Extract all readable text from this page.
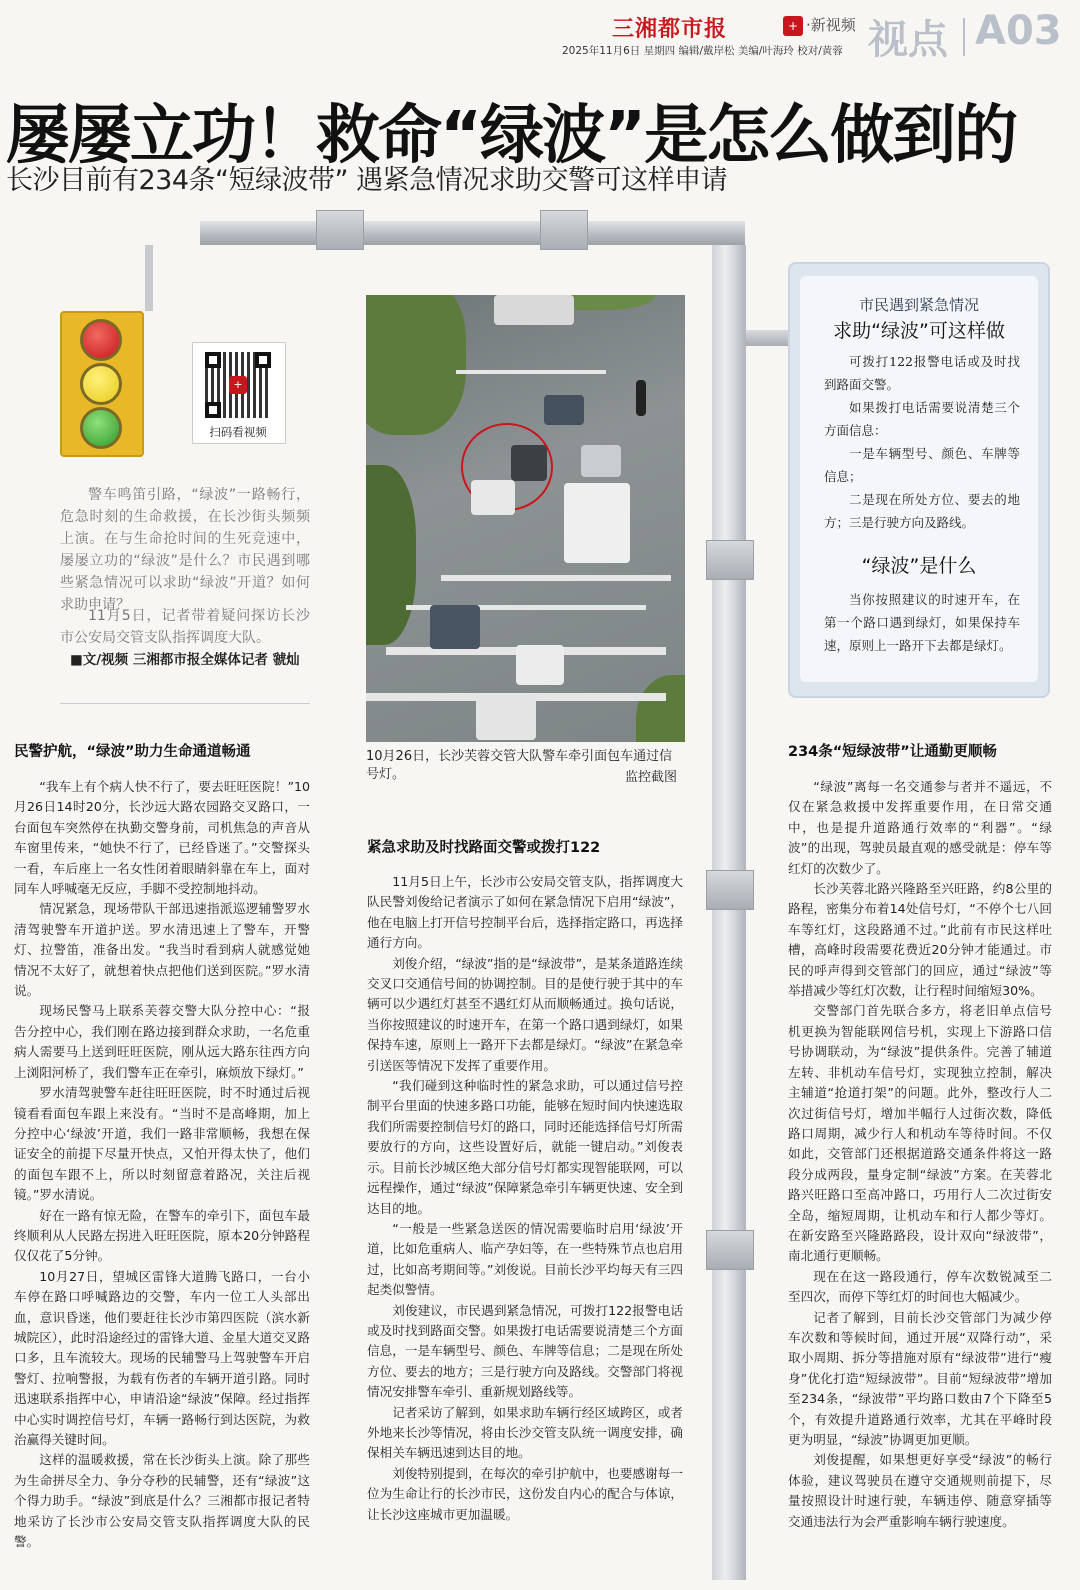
三湘都市报	+ ·新视频
2025年11月6日 星期四 编辑/戴岸松 美编/叶海玲 校对/黄蓉 视点 A03
屡屡立功！救命“绿波”是怎么做到的
长沙目前有234条“短绿波带” 遇紧急情况求助交警可这样申请
+
扫码看视频

警车鸣笛引路，“绿波”一路畅行，危急时刻的生命救援，在长沙街头频频上演。在与生命抢时间的生死竞速中，屡屡立功的“绿波”是什么？市民遇到哪些紧急情况可以求助“绿波”开道？如何求助申请？

11月5日，记者带着疑问探访长沙市公安局交管支队指挥调度大队。

■文/视频 三湘都市报全媒体记者 虢灿
10月26日，长沙芙蓉交管大队警车牵引面包车通过信号灯。	监控截图
市民遇到紧急情况
求助“绿波”可这样做

可拨打122报警电话或及时找到路面交警。

如果拨打电话需要说清楚三个方面信息：

一是车辆型号、颜色、车牌等信息；

二是现在所处方位、要去的地方； 三是行驶方向及路线。

“绿波”是什么

当你按照建议的时速开车，在第一个路口遇到绿灯，如果保持车速，原则上一路开下去都是绿灯。

民警护航，“绿波”助力生命通道畅通

“我车上有个病人快不行了，要去旺旺医院！”10月26日14时20分，长沙远大路农园路交叉路口，一台面包车突然停在执勤交警身前，司机焦急的声音从车窗里传来，“她快不行了，已经昏迷了。”交警探头一看，车后座上一名女性闭着眼睛斜靠在车上，面对同车人呼喊毫无反应，手脚不受控制地抖动。

情况紧急，现场带队干部迅速指派巡逻辅警罗水清驾驶警车开道护送。罗水清迅速上了警车，开警灯、拉警笛，准备出发。“我当时看到病人就感觉她情况不太好了，就想着快点把他们送到医院。”罗水清说。

现场民警马上联系芙蓉交警大队分控中心：“报告分控中心，我们刚在路边接到群众求助，一名危重病人需要马上送到旺旺医院，刚从远大路东往西方向上浏阳河桥了，我们警车正在牵引，麻烦放下绿灯。”

罗水清驾驶警车赶往旺旺医院，时不时通过后视镜看看面包车跟上来没有。“当时不是高峰期，加上分控中心‘绿波’开道，我们一路非常顺畅，我想在保证安全的前提下尽量开快点，又怕开得太快了，他们的面包车跟不上，所以时刻留意着路况，关注后视镜。”罗水清说。

好在一路有惊无险，在警车的牵引下，面包车最终顺利从人民路左拐进入旺旺医院，原本20分钟路程仅仅花了5分钟。

10月27日，望城区雷锋大道腾飞路口，一台小车停在路口呼喊路边的交警，车内一位工人头部出血，意识昏迷，他们要赶往长沙市第四医院（滨水新城院区），此时沿途经过的雷锋大道、金星大道交叉路口多，且车流较大。现场的民辅警马上驾驶警车开启警灯、拉响警报，为载有伤者的车辆开道引路。同时迅速联系指挥中心，申请沿途“绿波”保障。经过指挥中心实时调控信号灯，车辆一路畅行到达医院，为救治赢得关键时间。

这样的温暖救援，常在长沙街头上演。除了那些为生命拼尽全力、争分夺秒的民辅警，还有“绿波”这个得力助手。“绿波”到底是什么？三湘都市报记者特地采访了长沙市公安局交管支队指挥调度大队的民警。

紧急求助及时找路面交警或拨打122

11月5日上午，长沙市公安局交管支队，指挥调度大队民警刘俊给记者演示了如何在紧急情况下启用“绿波”，他在电脑上打开信号控制平台后，选择指定路口，再选择通行方向。

刘俊介绍，“绿波”指的是“绿波带”，是某条道路连续交叉口交通信号间的协调控制。目的是使行驶于其中的车辆可以少遇红灯甚至不遇红灯从而顺畅通过。换句话说，当你按照建议的时速开车，在第一个路口遇到绿灯，如果保持车速，原则上一路开下去都是绿灯。“绿波”在紧急牵引送医等情况下发挥了重要作用。

“我们碰到这种临时性的紧急求助，可以通过信号控制平台里面的快速多路口功能，能够在短时间内快速选取我们所需要控制信号灯的路口，同时还能选择信号灯所需要放行的方向，这些设置好后，就能一键启动。”刘俊表示。目前长沙城区绝大部分信号灯都实现智能联网，可以远程操作，通过“绿波”保障紧急牵引车辆更快速、安全到达目的地。

“一般是一些紧急送医的情况需要临时启用‘绿波’开道，比如危重病人、临产孕妇等，在一些特殊节点也启用过，比如高考期间等。”刘俊说。目前长沙平均每天有三四起类似警情。

刘俊建议，市民遇到紧急情况，可拨打122报警电话或及时找到路面交警。如果拨打电话需要说清楚三个方面信息，一是车辆型号、颜色、车牌等信息；二是现在所处方位、要去的地方；三是行驶方向及路线。交警部门将视情况安排警车牵引、重新规划路线等。

记者采访了解到，如果求助车辆行经区域跨区，或者外地来长沙等情况，将由长沙交管支队统一调度安排，确保相关车辆迅速到达目的地。

刘俊特别提到，在每次的牵引护航中，也要感谢每一位为生命让行的长沙市民，这份发自内心的配合与体谅，让长沙这座城市更加温暖。

234条“短绿波带”让通勤更顺畅

“绿波”离每一名交通参与者并不遥远，不仅在紧急救援中发挥重要作用，在日常交通中，也是提升道路通行效率的“利器”。“绿波”的出现，驾驶员最直观的感受就是：停车等红灯的次数少了。

长沙芙蓉北路兴隆路至兴旺路，约8公里的路程，密集分布着14处信号灯，“不停个七八回车等红灯，这段路通不过。”此前有市民这样吐槽，高峰时段需要花费近20分钟才能通过。市民的呼声得到交管部门的回应，通过“绿波”等举措减少等红灯次数，让行程时间缩短30%。

交警部门首先联合多方，将老旧单点信号机更换为智能联网信号机，实现上下游路口信号协调联动，为“绿波”提供条件。完善了辅道左转、非机动车信号灯，实现独立控制，解决主辅道“抢道打架”的问题。此外，整改行人二次过街信号灯，增加半幅行人过街次数，降低路口周期，减少行人和机动车等待时间。不仅如此，交管部门还根据道路交通条件将这一路段分成两段，量身定制“绿波”方案。在芙蓉北路兴旺路口至高冲路口，巧用行人二次过街安全岛，缩短周期，让机动车和行人都少等灯。在新安路至兴隆路路段，设计双向“绿波带”，南北通行更顺畅。

现在在这一路段通行，停车次数锐减至二至四次，而停下等红灯的时间也大幅减少。

记者了解到，目前长沙交管部门为减少停车次数和等候时间，通过开展“双降行动”，采取小周期、拆分等措施对原有“绿波带”进行“瘦身”优化打造“短绿波带”。目前“短绿波带”增加至234条，“绿波带”平均路口数由7个下降至5个，有效提升道路通行效率，尤其在平峰时段更为明显，“绿波”协调更加更顺。

刘俊提醒，如果想更好享受“绿波”的畅行体验，建议驾驶员在遵守交通规则前提下，尽量按照设计时速行驶，车辆违停、随意穿插等交通违法行为会严重影响车辆行驶速度。
